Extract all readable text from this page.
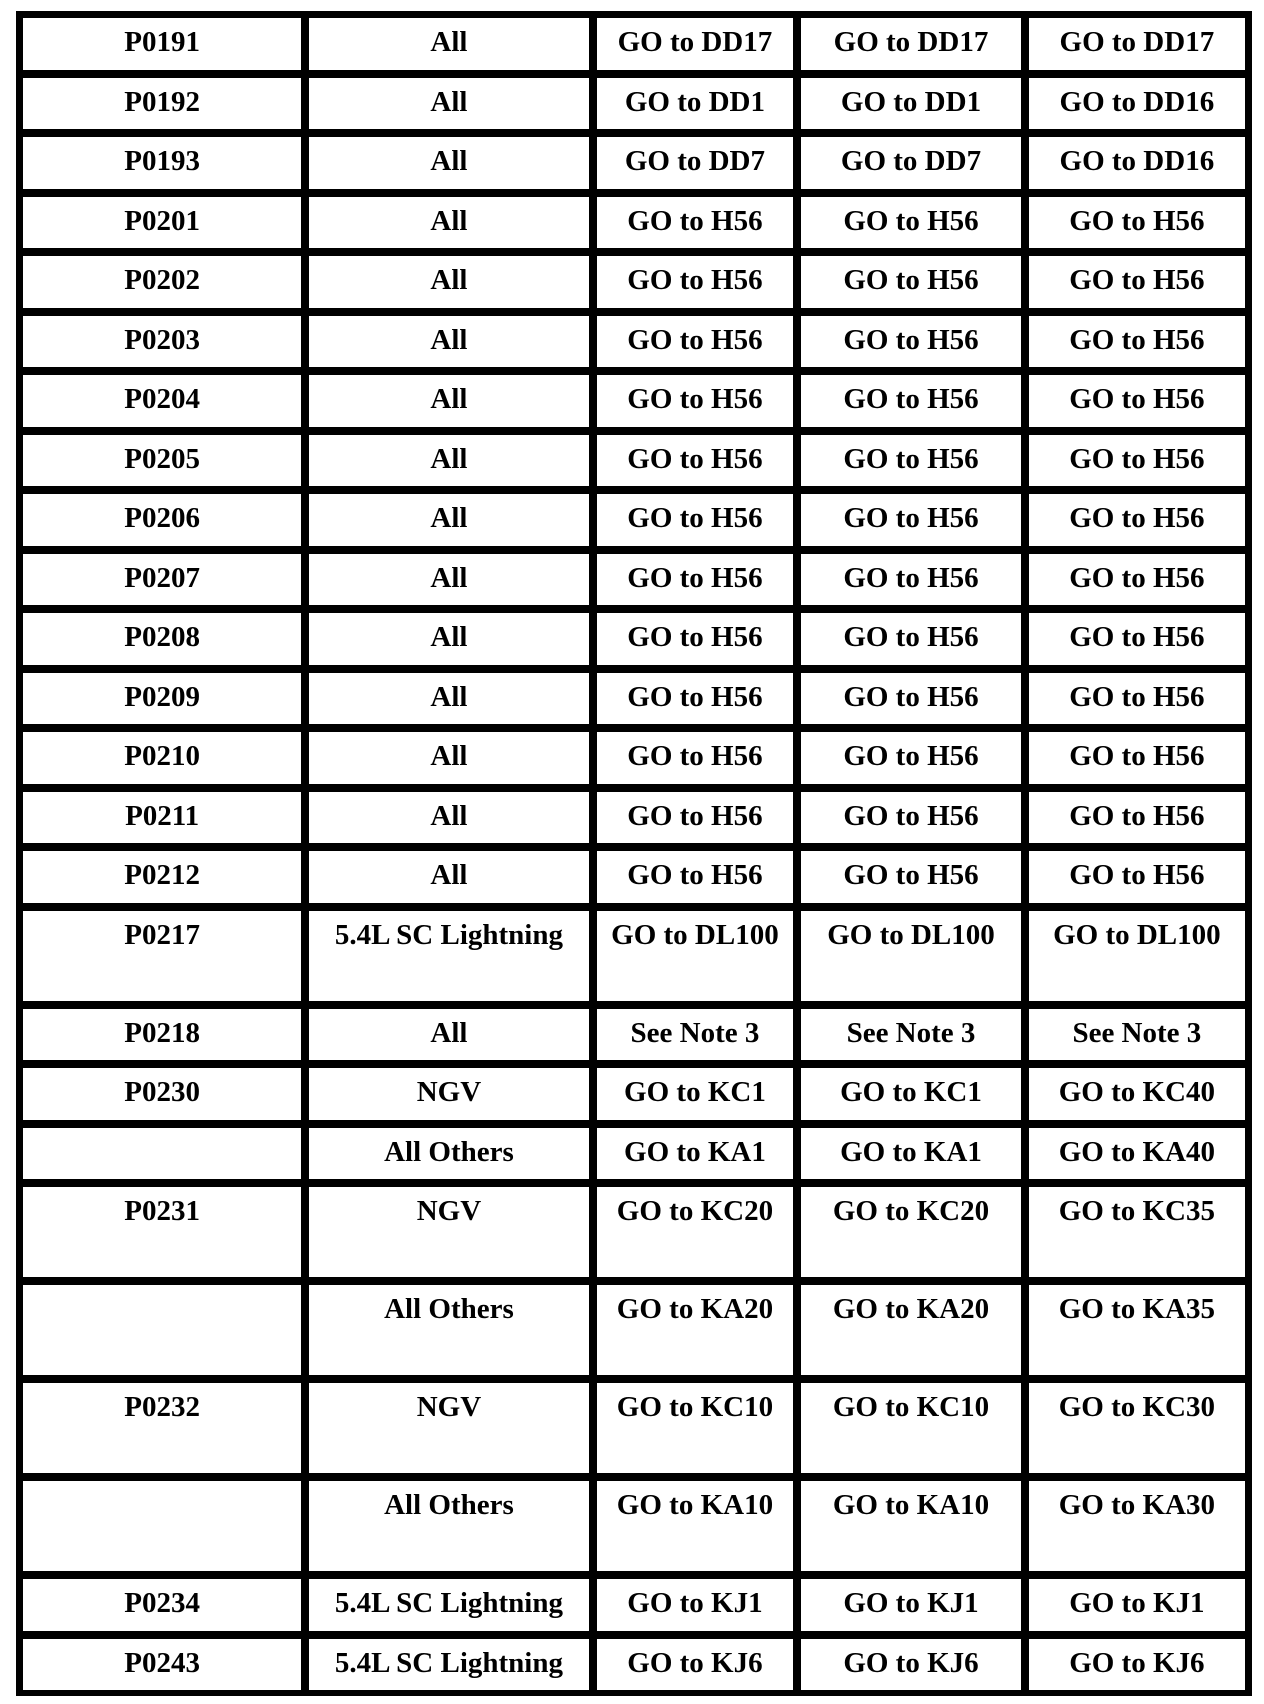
P0191	All	GO to DD17	GO to DD17	GO to DD17
P0192	All	GO to DD1	GO to DD1	GO to DD16
P0193	All	GO to DD7	GO to DD7	GO to DD16
P0201	All	GO to H56	GO to H56	GO to H56
P0202	All	GO to H56	GO to H56	GO to H56
P0203	All	GO to H56	GO to H56	GO to H56
P0204	All	GO to H56	GO to H56	GO to H56
P0205	All	GO to H56	GO to H56	GO to H56
P0206	All	GO to H56	GO to H56	GO to H56
P0207	All	GO to H56	GO to H56	GO to H56
P0208	All	GO to H56	GO to H56	GO to H56
P0209	All	GO to H56	GO to H56	GO to H56
P0210	All	GO to H56	GO to H56	GO to H56
P0211	All	GO to H56	GO to H56	GO to H56
P0212	All	GO to H56	GO to H56	GO to H56
P0217	5.4L SC Lightning	GO to DL100	GO to DL100	GO to DL100
P0218	All	See Note 3	See Note 3	See Note 3
P0230	NGV	GO to KC1	GO to KC1	GO to KC40
	All Others	GO to KA1	GO to KA1	GO to KA40
P0231	NGV	GO to KC20	GO to KC20	GO to KC35
	All Others	GO to KA20	GO to KA20	GO to KA35
P0232	NGV	GO to KC10	GO to KC10	GO to KC30
	All Others	GO to KA10	GO to KA10	GO to KA30
P0234	5.4L SC Lightning	GO to KJ1	GO to KJ1	GO to KJ1
P0243	5.4L SC Lightning	GO to KJ6	GO to KJ6	GO to KJ6
